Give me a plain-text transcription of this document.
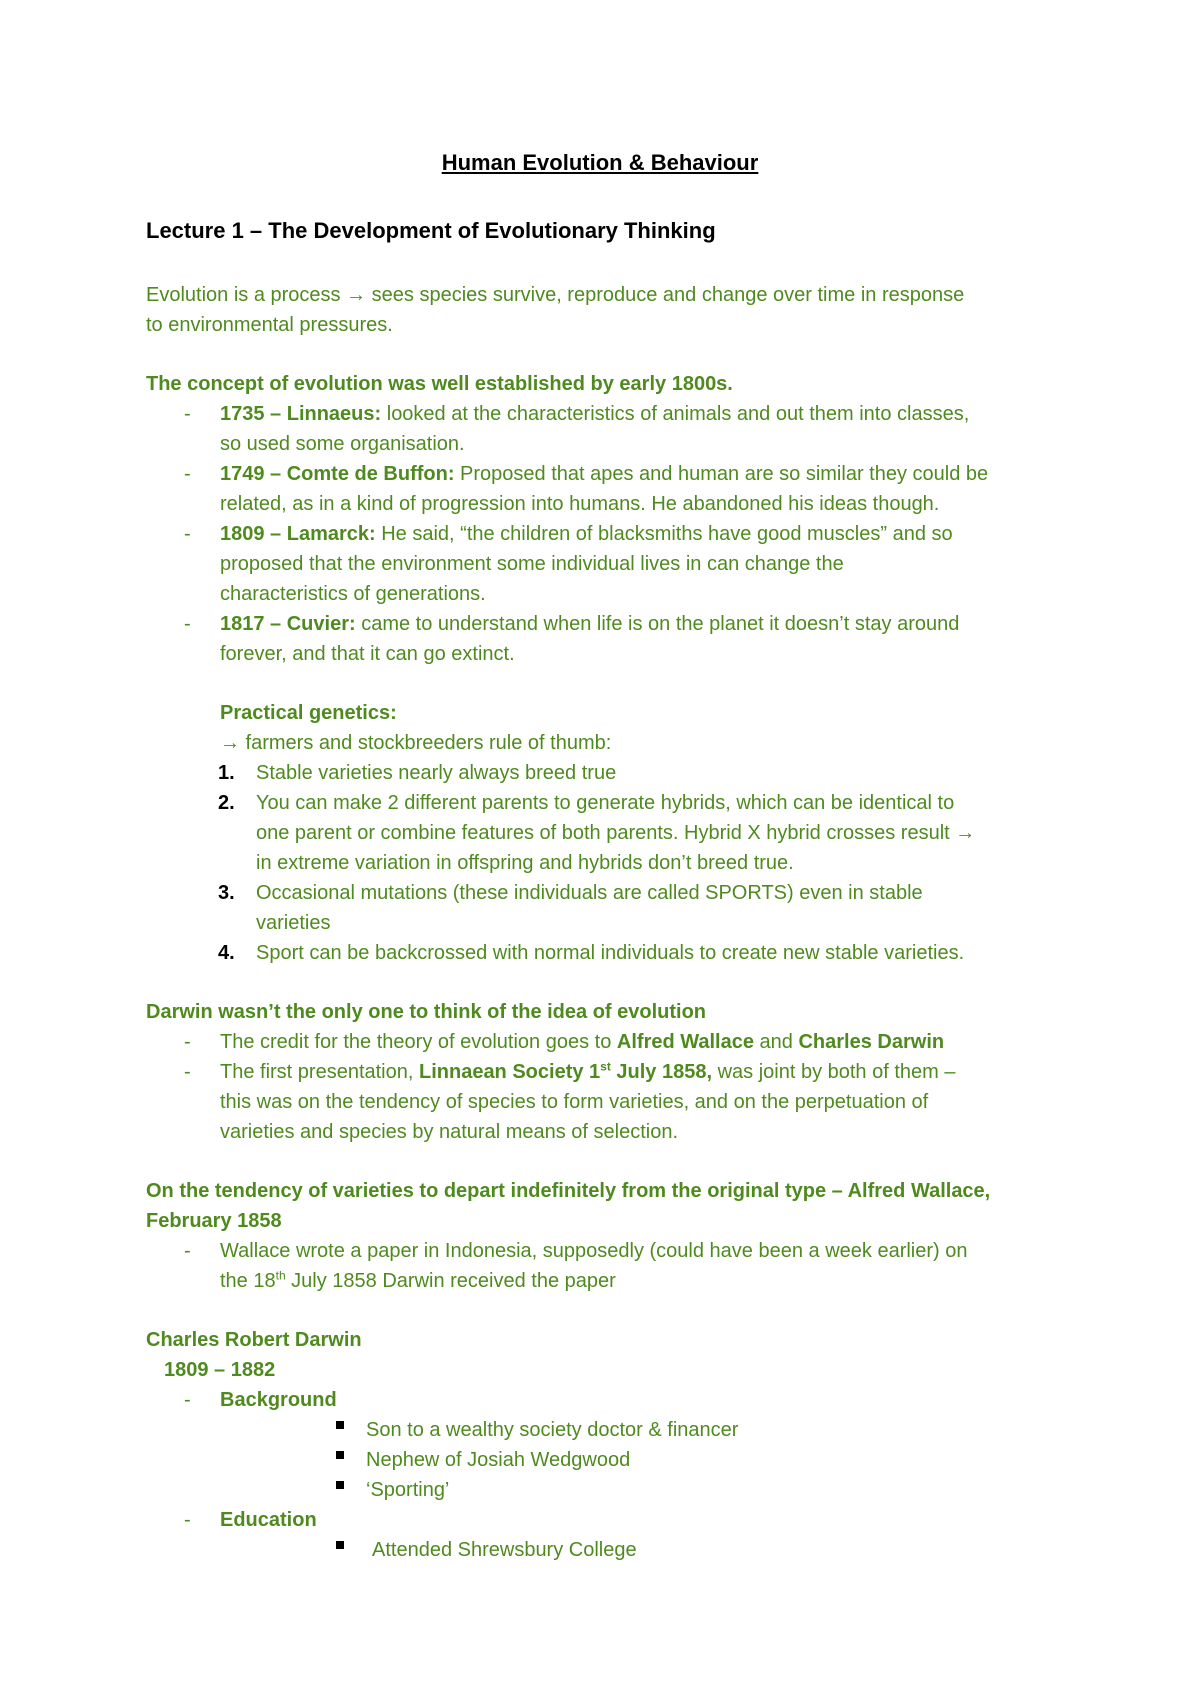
Human Evolution & Behaviour
Lecture 1 – The Development of Evolutionary Thinking
Evolution is a process → sees species survive, reproduce and change over time in response
to environmental pressures.
The concept of evolution was well established by early 1800s.
- 1735 – Linnaeus: looked at the characteristics of animals and out them into classes,
so used some organisation.
- 1749 – Comte de Buffon: Proposed that apes and human are so similar they could be
related, as in a kind of progression into humans. He abandoned his ideas though.
- 1809 – Lamarck: He said, “the children of blacksmiths have good muscles” and so
proposed that the environment some individual lives in can change the
characteristics of generations.
- 1817 – Cuvier: came to understand when life is on the planet it doesn’t stay around
forever, and that it can go extinct.
Practical genetics:
→ farmers and stockbreeders rule of thumb:
1. Stable varieties nearly always breed true
2. You can make 2 different parents to generate hybrids, which can be identical to
one parent or combine features of both parents. Hybrid X hybrid crosses result →
in extreme variation in offspring and hybrids don’t breed true.
3. Occasional mutations (these individuals are called SPORTS) even in stable
varieties
4. Sport can be backcrossed with normal individuals to create new stable varieties.
Darwin wasn’t the only one to think of the idea of evolution
- The credit for the theory of evolution goes to Alfred Wallace and Charles Darwin
- The first presentation, Linnaean Society 1st July 1858, was joint by both of them –
this was on the tendency of species to form varieties, and on the perpetuation of
varieties and species by natural means of selection.
On the tendency of varieties to depart indefinitely from the original type – Alfred Wallace,
February 1858
- Wallace wrote a paper in Indonesia, supposedly (could have been a week earlier) on
the 18th July 1858 Darwin received the paper
Charles Robert Darwin
1809 – 1882
- Background
Son to a wealthy society doctor & financer
Nephew of Josiah Wedgwood
‘Sporting’
- Education
Attended Shrewsbury College
